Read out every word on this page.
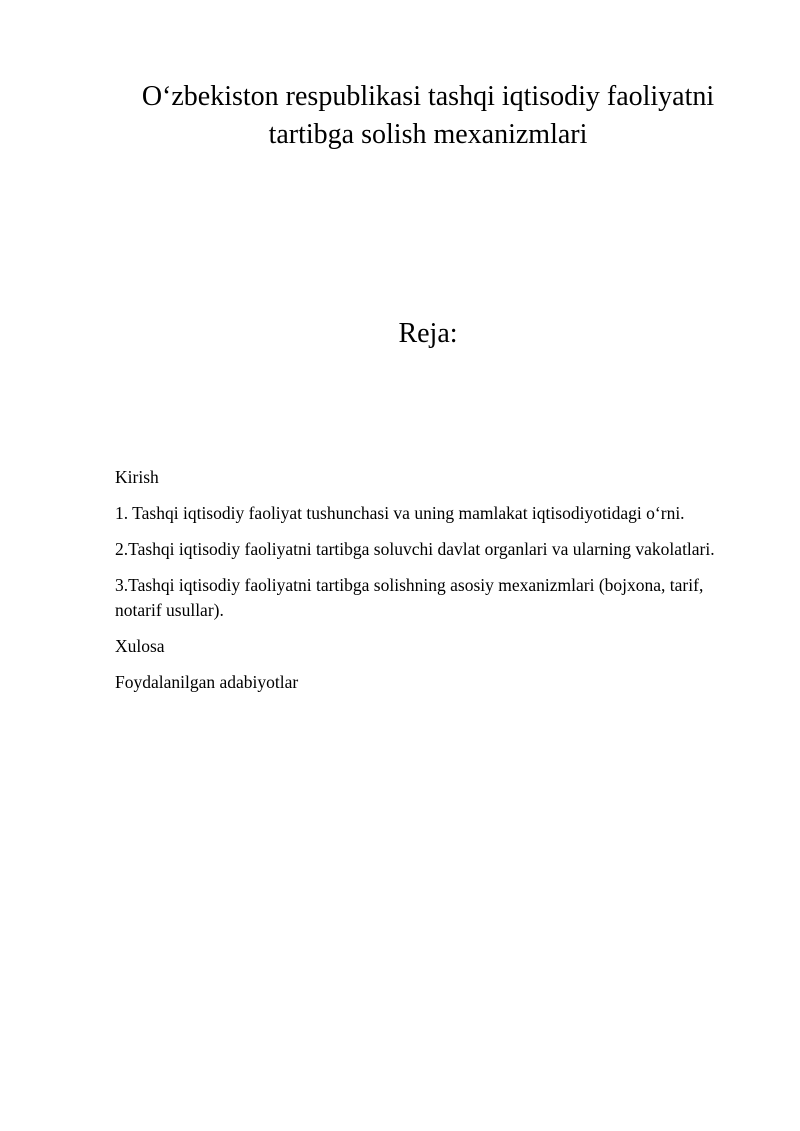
O‘zbekiston respublikasi tashqi iqtisodiy faoliyatni
tartibga solish mexanizmlari
Reja:
Kirish
1. Tashqi iqtisodiy faoliyat tushunchasi va uning mamlakat iqtisodiyotidagi o‘rni.
2.Tashqi iqtisodiy faoliyatni tartibga soluvchi davlat organlari va ularning vakolatlari.
3.Tashqi iqtisodiy faoliyatni tartibga solishning asosiy mexanizmlari (bojxona, tarif, notarif usullar).
Xulosa
Foydalanilgan adabiyotlar
